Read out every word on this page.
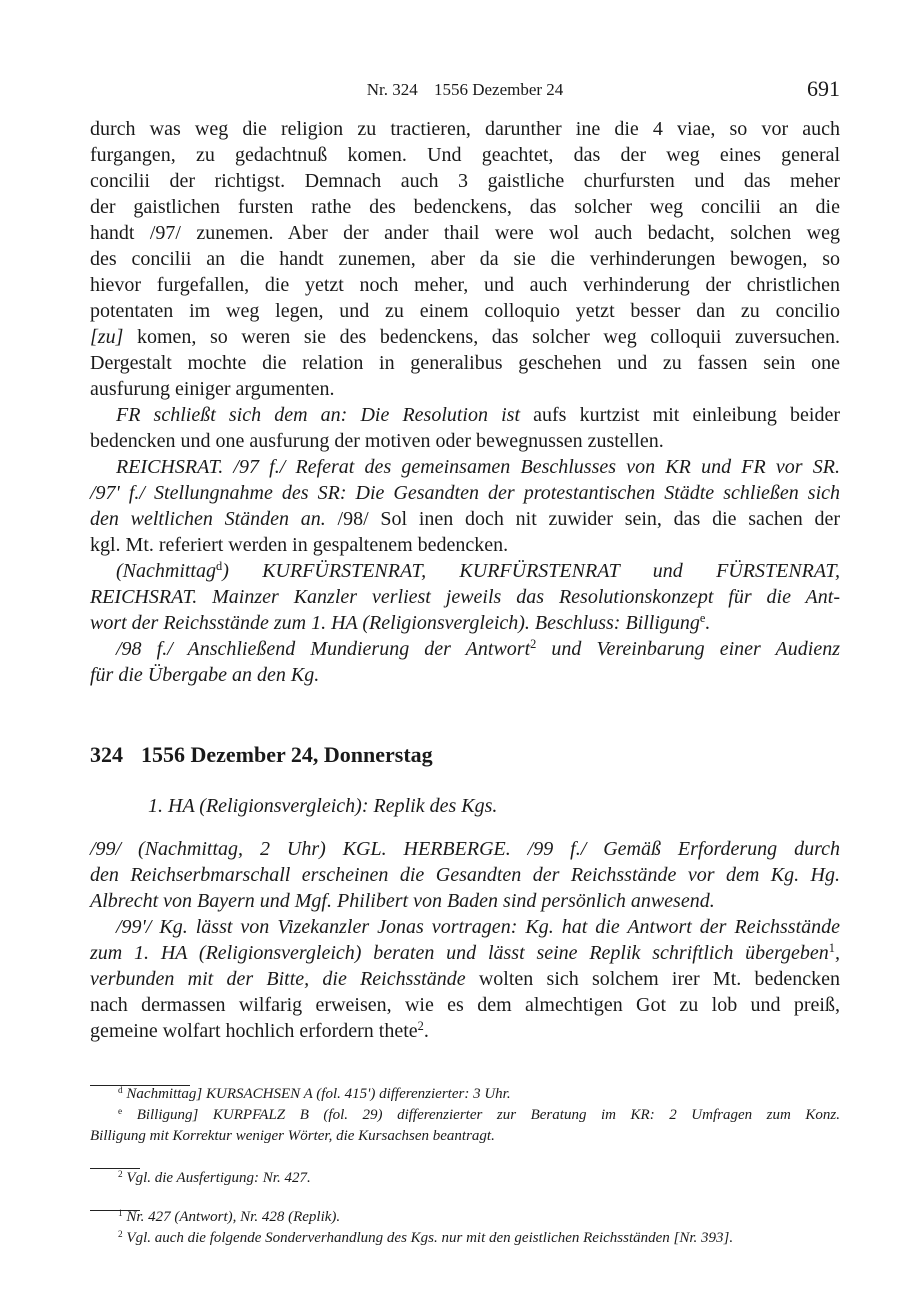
Nr. 324 1556 Dezember 24	691
durch was weg die religion zu tractieren, darunther ine die 4 viae, so vor auch
furgangen, zu gedachtnuß komen. Und geachtet, das der weg eines general
concilii der richtigst. Demnach auch 3 gaistliche churfursten und das meher
der gaistlichen fursten rathe des bedenckens, das solcher weg concilii an die
handt /97/ zunemen. Aber der ander thail were wol auch bedacht, solchen weg
des concilii an die handt zunemen, aber da sie die verhinderungen bewogen, so
hievor furgefallen, die yetzt noch meher, und auch verhinderung der christlichen
potentaten im weg legen, und zu einem colloquio yetzt besser dan zu concilio
[zu] komen, so weren sie des bedenckens, das solcher weg colloquii zuversuchen.
Dergestalt mochte die relation in generalibus geschehen und zu fassen sein one
ausfurung einiger argumenten.
FR schließt sich dem an: Die Resolution ist aufs kurtzist mit einleibung beider
bedencken und one ausfurung der motiven oder bewegnussen zustellen.
REICHSRAT. /97 f./ Referat des gemeinsamen Beschlusses von KR und FR vor SR.
/97' f./ Stellungnahme des SR: Die Gesandten der protestantischen Städte schließen sich
den weltlichen Ständen an. /98/ Sol inen doch nit zuwider sein, das die sachen der
kgl. Mt. referiert werden in gespaltenem bedencken.
(Nachmittag$^d$) KURFÜRSTENRAT, KURFÜRSTENRAT und FÜRSTENRAT,
REICHSRAT. Mainzer Kanzler verliest jeweils das Resolutionskonzept für die Ant-
wort der Reichsstände zum 1. HA (Religionsvergleich). Beschluss: Billigung$^e$.
/98 f./ Anschließend Mundierung der Antwort$^2$ und Vereinbarung einer Audienz
für die Übergabe an den Kg.
324 1556 Dezember 24, Donnerstag
1. HA (Religionsvergleich): Replik des Kgs.
/99/ (Nachmittag, 2 Uhr) KGL. HERBERGE. /99 f./ Gemäß Erforderung durch
den Reichserbmarschall erscheinen die Gesandten der Reichsstände vor dem Kg. Hg.
Albrecht von Bayern und Mgf. Philibert von Baden sind persönlich anwesend.
/99'/ Kg. lässt von Vizekanzler Jonas vortragen: Kg. hat die Antwort der Reichsstände
zum 1. HA (Religionsvergleich) beraten und lässt seine Replik schriftlich übergeben$^1$,
verbunden mit der Bitte, die Reichsstände wolten sich solchem irer Mt. bedencken
nach dermassen wilfarig erweisen, wie es dem almechtigen Got zu lob und preiß,
gemeine wolfart hochlich erfordern thete$^2$.
$^d$ Nachmittag] KURSACHSEN A (fol. 415') differenzierter: 3 Uhr.
$^e$ Billigung] KURPFALZ B (fol. 29) differenzierter zur Beratung im KR: 2 Umfragen zum Konz.
Billigung mit Korrektur weniger Wörter, die Kursachsen beantragt.
$^2$ Vgl. die Ausfertigung: Nr. 427.
$^1$ Nr. 427 (Antwort), Nr. 428 (Replik).
$^2$ Vgl. auch die folgende Sonderverhandlung des Kgs. nur mit den geistlichen Reichsständen [Nr. 393].
